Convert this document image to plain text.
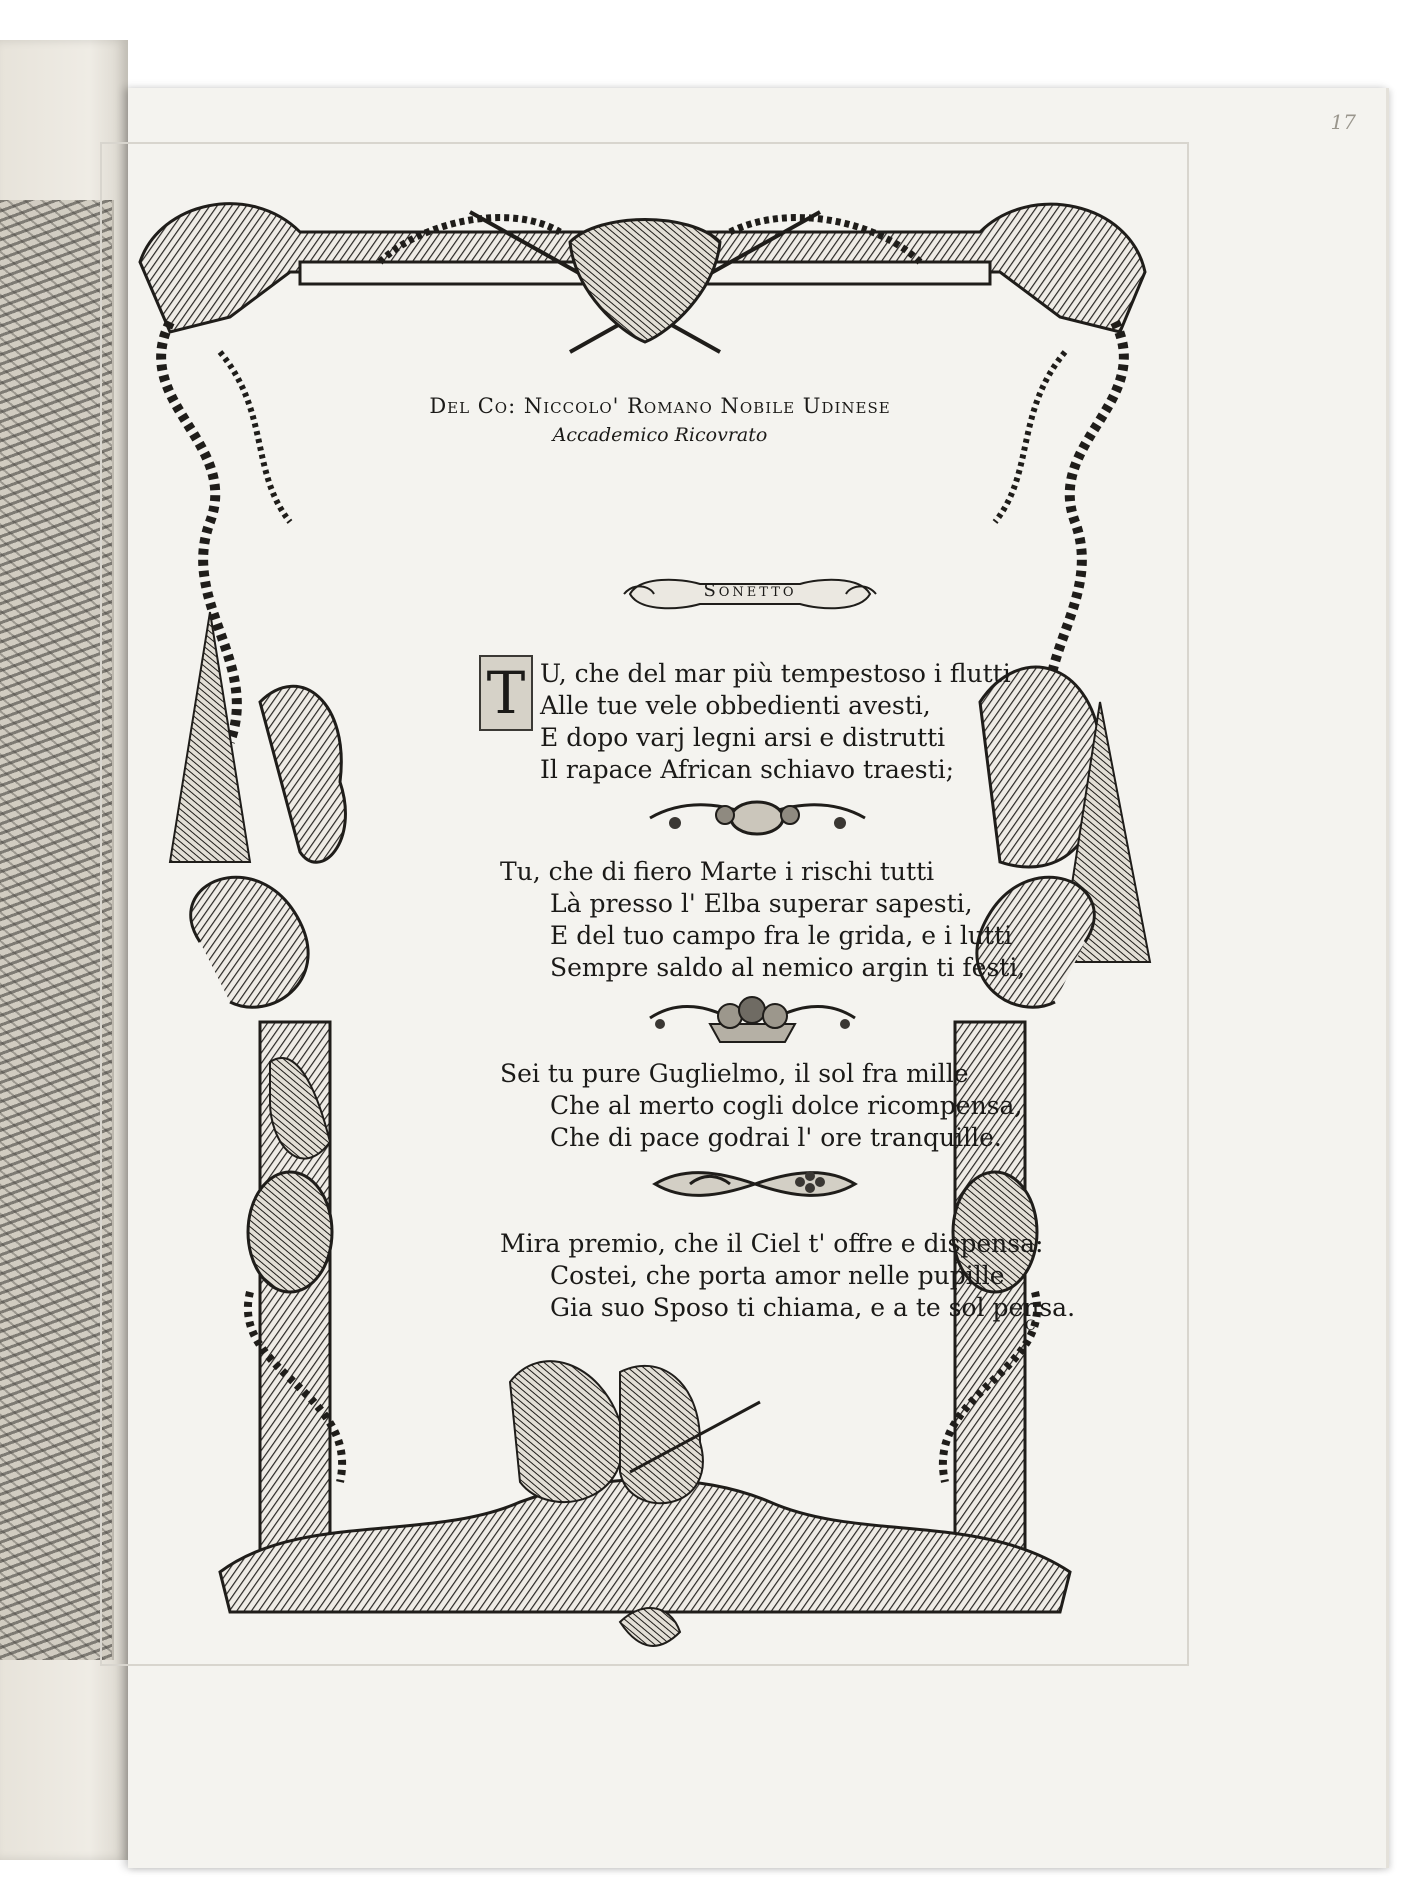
17
Del Co: Niccolo' Romano Nobile Udinese
Accademico Ricovrato
Sonetto
T U, che del mar più tempestoso i flutti
Alle tue vele obbedienti avesti,
E dopo varj legni arsi e distrutti
Il rapace African schiavo traesti;
Tu, che di fiero Marte i rischi tutti
Là presso l' Elba superar sapesti,
E del tuo campo fra le grida, e i lutti
Sempre saldo al nemico argin ti festi,
Sei tu pure Guglielmo, il sol fra mille
Che al merto cogli dolce ricompensa,
Che di pace godrai l' ore tranquille.
Mira premio, che il Ciel t' offre e dispensa:
Costei, che porta amor nelle pupille
Gia suo Sposo ti chiama, e a te sol pensa.
C
